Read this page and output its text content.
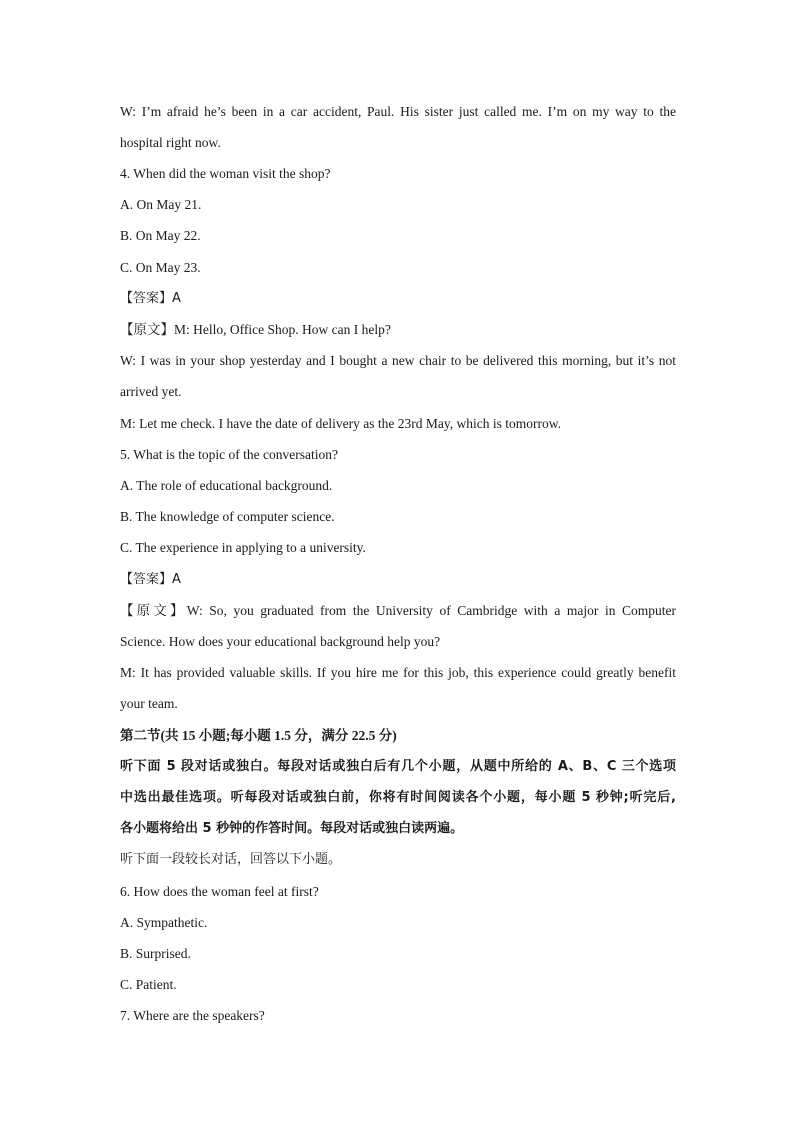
W: I’m afraid he’s been in a car accident, Paul. His sister just called me. I’m on my way to the
hospital right now.
4. When did the woman visit the shop?
A. On May 21.
B. On May 22.
C. On May 23.
【答案】A
【原文】M: Hello, Office Shop. How can I help?
W: I was in your shop yesterday and I bought a new chair to be delivered this morning, but it’s not
arrived yet.
M: Let me check. I have the date of delivery as the 23rd May, which is tomorrow.
5. What is the topic of the conversation?
A. The role of educational background.
B. The knowledge of computer science.
C. The experience in applying to a university.
【答案】A
【原文】W: So, you graduated from the University of Cambridge with a major in Computer
Science. How does your educational background help you?
M: It has provided valuable skills. If you hire me for this job, this experience could greatly benefit
your team.
第二节(共 15 小题;每小题 1.5 分，满分 22.5 分)
听下面 5 段对话或独白。每段对话或独白后有几个小题，从题中所给的 A、B、C 三个选项
中选出最佳选项。听每段对话或独白前，你将有时间阅读各个小题，每小题 5 秒钟;听完后,
各小题将给出 5 秒钟的作答时间。每段对话或独白读两遍。
听下面一段较长对话，回答以下小题。
6. How does the woman feel at first?
A. Sympathetic.
B. Surprised.
C. Patient.
7. Where are the speakers?
